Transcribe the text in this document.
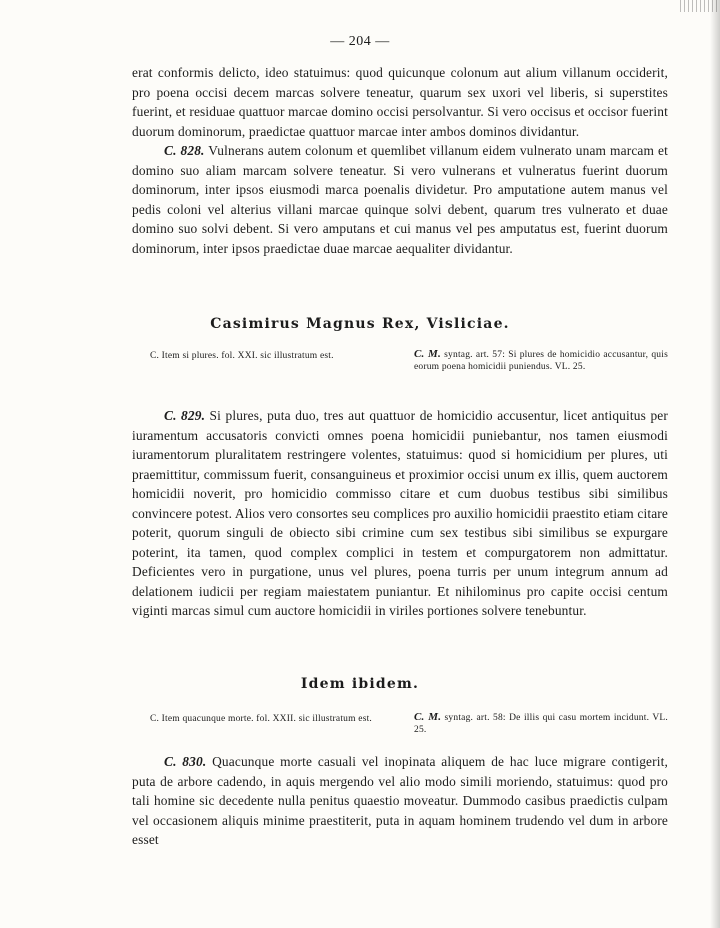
— 204 —

erat conformis delicto, ideo statuimus: quod quicunque colonum aut alium villanum occiderit, pro poena occisi decem marcas solvere teneatur, quarum sex uxori vel liberis, si superstites fuerint, et residuae quattuor marcae domino occisi persolvantur. Si vero occisus et occisor fuerint duorum dominorum, praedictae quattuor marcae inter ambos dominos dividantur.

C. 828. Vulnerans autem colonum et quemlibet villanum eidem vulnerato unam marcam et domino suo aliam marcam solvere teneatur. Si vero vulnerans et vulneratus fuerint duorum dominorum, inter ipsos eiusmodi marca poenalis dividetur. Pro amputatione autem manus vel pedis coloni vel alterius villani marcae quinque solvi debent, quarum tres vulnerato et duae domino suo solvi debent. Si vero amputans et cui manus vel pes amputatus est, fuerint duorum dominorum, inter ipsos praedictae duae marcae aequaliter dividantur.

Casimirus Magnus Rex, Visliciae.
C. Item si plures. fol. XXI. sic illustratum est.	C. M. syntag. art. 57: Si plures de homicidio accusantur, quis eorum poena homicidii puniendus. VL. 25.

C. 829. Si plures, puta duo, tres aut quattuor de homicidio accusentur, licet antiquitus per iuramentum accusatoris convicti omnes poena homicidii puniebantur, nos tamen eiusmodi iuramentorum pluralitatem restringere volentes, statuimus: quod si homicidium per plures, uti praemittitur, commissum fuerit, consanguineus et proximior occisi unum ex illis, quem auctorem homicidii noverit, pro homicidio commisso citare et cum duobus testibus sibi similibus convincere potest. Alios vero consortes seu complices pro auxilio homicidii praestito etiam citare poterit, quorum singuli de obiecto sibi crimine cum sex testibus sibi similibus se expurgare poterint, ita tamen, quod complex complici in testem et compurgatorem non admittatur. Deficientes vero in purgatione, unus vel plures, poena turris per unum integrum annum ad delationem iudicii per regiam maiestatem puniantur. Et nihilominus pro capite occisi centum viginti marcas simul cum auctore homicidii in viriles portiones solvere tenebuntur.

Idem ibidem.
C. Item quacunque morte. fol. XXII. sic illustratum est.	C. M. syntag. art. 58: De illis qui casu mortem incidunt. VL. 25.

C. 830. Quacunque morte casuali vel inopinata aliquem de hac luce migrare contigerit, puta de arbore cadendo, in aquis mergendo vel alio modo simili moriendo, statuimus: quod pro tali homine sic decedente nulla penitus quaestio moveatur. Dummodo casibus praedictis culpam vel occasionem aliquis minime praestiterit, puta in aquam hominem trudendo vel dum in arbore esset
